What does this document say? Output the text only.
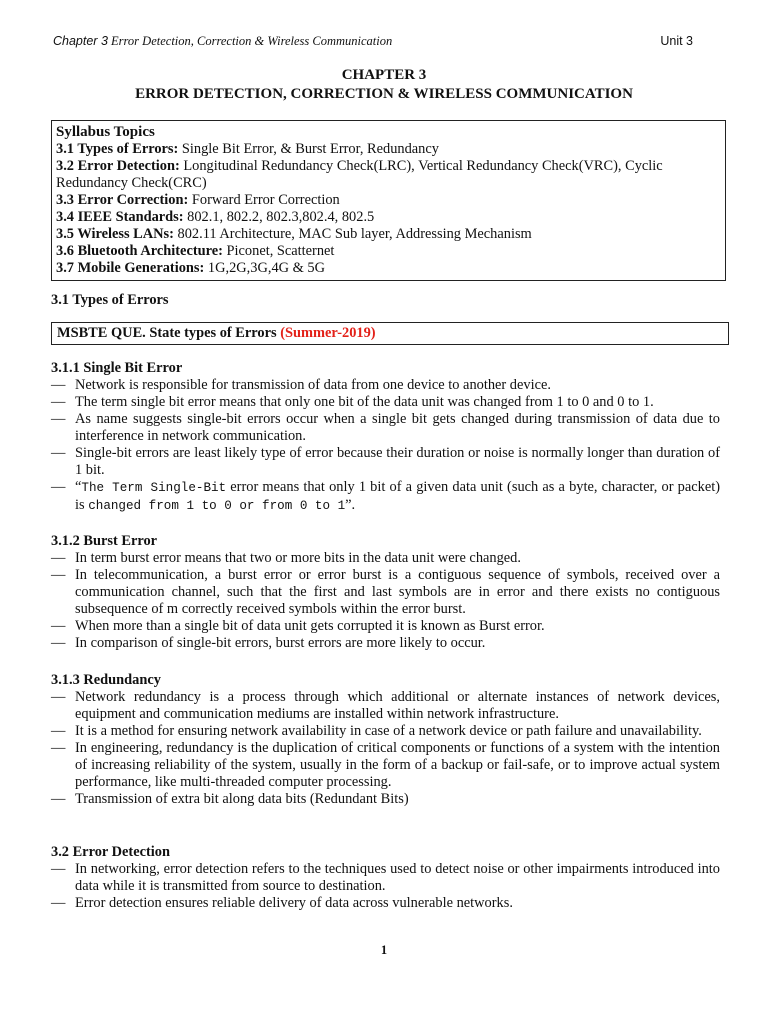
Chapter 3 Error Detection, Correction & Wireless Communication	Unit 3
CHAPTER 3
ERROR DETECTION, CORRECTION & WIRELESS COMMUNICATION

Syllabus Topics

3.1 Types of Errors: Single Bit Error, & Burst Error, Redundancy

3.2 Error Detection: Longitudinal Redundancy Check(LRC), Vertical Redundancy Check(VRC), Cyclic Redundancy Check(CRC)

3.3 Error Correction: Forward Error Correction

3.4 IEEE Standards: 802.1, 802.2, 802.3,802.4, 802.5

3.5 Wireless LANs: 802.11 Architecture, MAC Sub layer, Addressing Mechanism

3.6 Bluetooth Architecture: Piconet, Scatternet

3.7 Mobile Generations: 1G,2G,3G,4G & 5G

3.1 Types of Errors

MSBTE QUE. State types of Errors (Summer-2019)

3.1.1 Single Bit Error

— Network is responsible for transmission of data from one device to another device.
— The term single bit error means that only one bit of the data unit was changed from 1 to 0 and 0 to 1.
— As name suggests single-bit errors occur when a single bit gets changed during transmission of data due to interference in network communication.
— Single-bit errors are least likely type of error because their duration or noise is normally longer than duration of 1 bit.
— “The Term Single-Bit error means that only 1 bit of a given data unit (such as a byte, character, or packet) is changed from 1 to 0 or from 0 to 1”.

3.1.2 Burst Error

— In term burst error means that two or more bits in the data unit were changed.
— In telecommunication, a burst error or error burst is a contiguous sequence of symbols, received over a communication channel, such that the first and last symbols are in error and there exists no contiguous subsequence of m correctly received symbols within the error burst.
— When more than a single bit of data unit gets corrupted it is known as Burst error.
— In comparison of single-bit errors, burst errors are more likely to occur.

3.1.3 Redundancy

— Network redundancy is a process through which additional or alternate instances of network devices, equipment and communication mediums are installed within network infrastructure.
— It is a method for ensuring network availability in case of a network device or path failure and unavailability.
— In engineering, redundancy is the duplication of critical components or functions of a system with the intention of increasing reliability of the system, usually in the form of a backup or fail-safe, or to improve actual system performance, like multi-threaded computer processing.
— Transmission of extra bit along data bits (Redundant Bits)

3.2 Error Detection

— In networking, error detection refers to the techniques used to detect noise or other impairments introduced into data while it is transmitted from source to destination.
— Error detection ensures reliable delivery of data across vulnerable networks.
1
